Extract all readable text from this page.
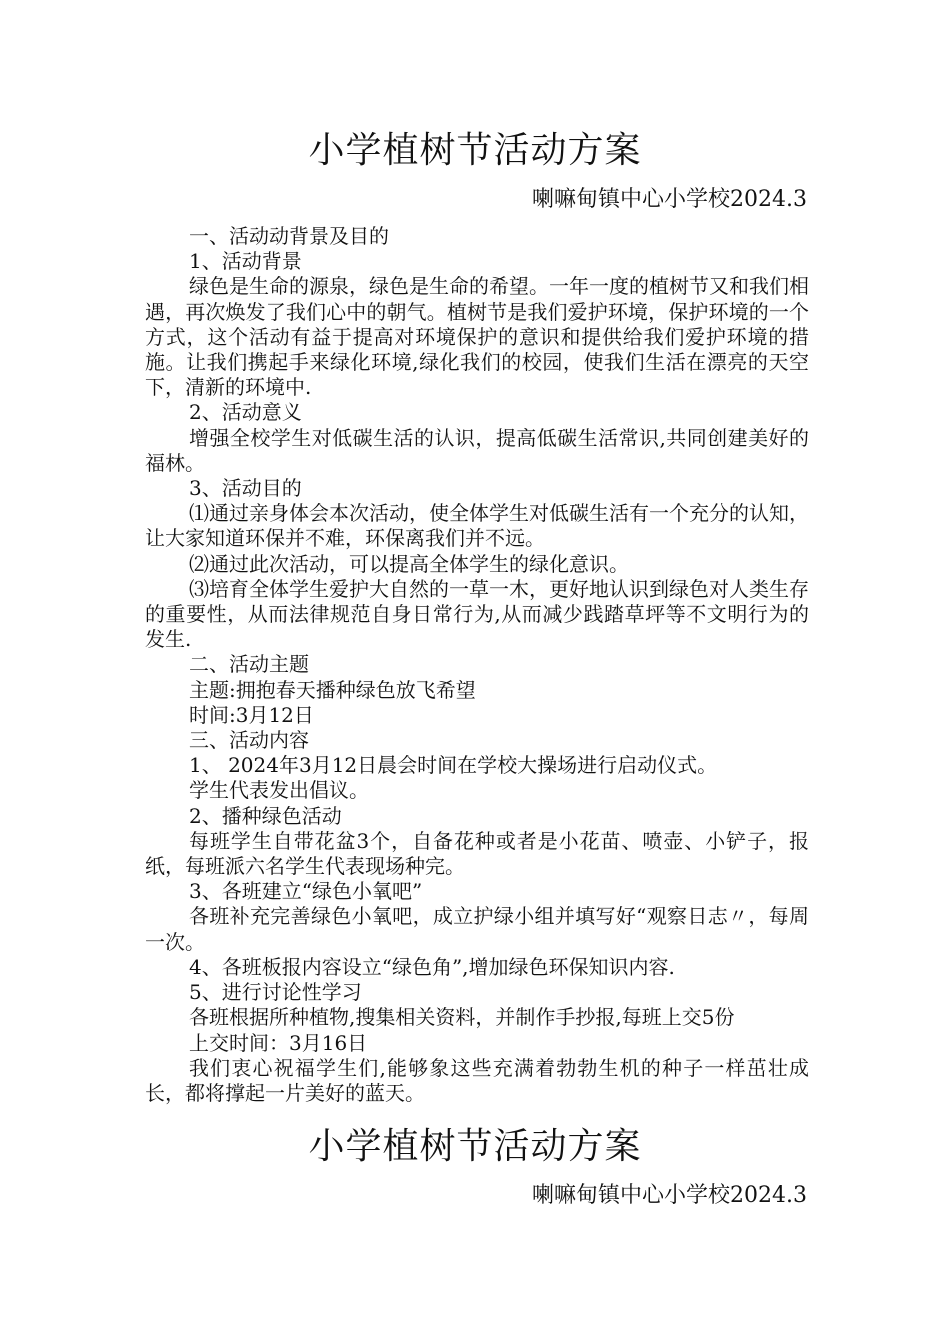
小学植树节活动方案
喇嘛甸镇中心小学校2024.3

一、活动动背景及目的

1、活动背景

绿色是生命的源泉，绿色是生命的希望。一年一度的植树节又和我们相遇，再次焕发了我们心中的朝气。植树节是我们爱护环境，保护环境的一个方式，这个活动有益于提高对环境保护的意识和提供给我们爱护环境的措施。让我们携起手来绿化环境,绿化我们的校园，使我们生活在漂亮的天空下，清新的环境中.

2、活动意义

增强全校学生对低碳生活的认识，提高低碳生活常识,共同创建美好的福林。

3、活动目的

⑴通过亲身体会本次活动，使全体学生对低碳生活有一个充分的认知，让大家知道环保并不难，环保离我们并不远。

⑵通过此次活动，可以提高全体学生的绿化意识。

⑶培育全体学生爱护大自然的一草一木，更好地认识到绿色对人类生存的重要性，从而法律规范自身日常行为,从而减少践踏草坪等不文明行为的发生.

二、活动主题

主题:拥抱春天播种绿色放飞希望

时间:3月12日

三、活动内容

1、 2024年3月12日晨会时间在学校大操场进行启动仪式。

学生代表发出倡议。

2、播种绿色活动

每班学生自带花盆3个，自备花种或者是小花苗、喷壶、小铲子，报纸，每班派六名学生代表现场种完。

3、各班建立“绿色小氧吧”

各班补充完善绿色小氧吧，成立护绿小组并填写好“观察日志〃，每周一次。

4、各班板报内容设立“绿色角”,增加绿色环保知识内容.

5、进行讨论性学习

各班根据所种植物,搜集相关资料，并制作手抄报,每班上交5份

上交时间：3月16日

我们衷心祝福学生们,能够象这些充满着勃勃生机的种子一样茁壮成长，都将撑起一片美好的蓝天。

小学植树节活动方案
喇嘛甸镇中心小学校2024.3
